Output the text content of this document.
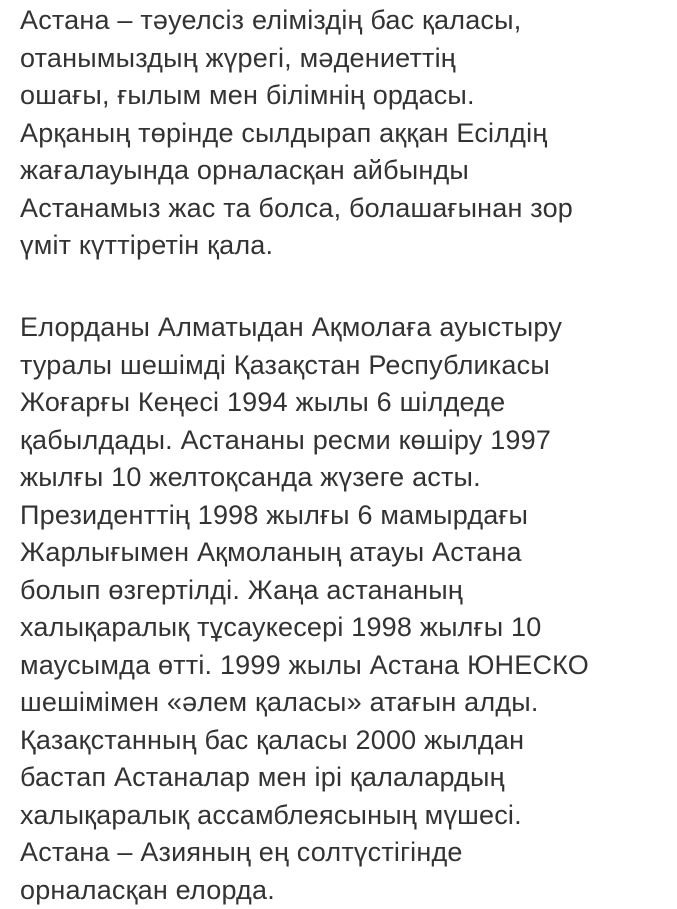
Астана – тәуелсіз еліміздің бас қаласы,
отанымыздың жүрегі, мәдениеттің
ошағы, ғылым мен білімнің ордасы.
Арқаның төрінде сылдырап аққан Есілдің
жағалауында орналасқан айбынды
Астанамыз жас та болса, болашағынан зор
үміт күттіретін қала.

Елорданы Алматыдан Ақмолаға ауыстыру
туралы шешімді Қазақстан Республикасы
Жоғарғы Кеңесі 1994 жылы 6 шілдеде
қабылдады. Астананы ресми көшіру 1997
жылғы 10 желтоқсанда жүзеге асты.
Президенттің 1998 жылғы 6 мамырдағы
Жарлығымен Ақмоланың атауы Астана
болып өзгертілді. Жаңа астананың
халықаралық тұсаукесері 1998 жылғы 10
маусымда өтті. 1999 жылы Астана ЮНЕСКО
шешімімен «әлем қаласы» атағын алды.
Қазақстанның бас қаласы 2000 жылдан
бастап Астаналар мен ірі қалалардың
халықаралық ассамблеясының мүшесі.
Астана – Азияның ең солтүстігінде
орналасқан елорда.
